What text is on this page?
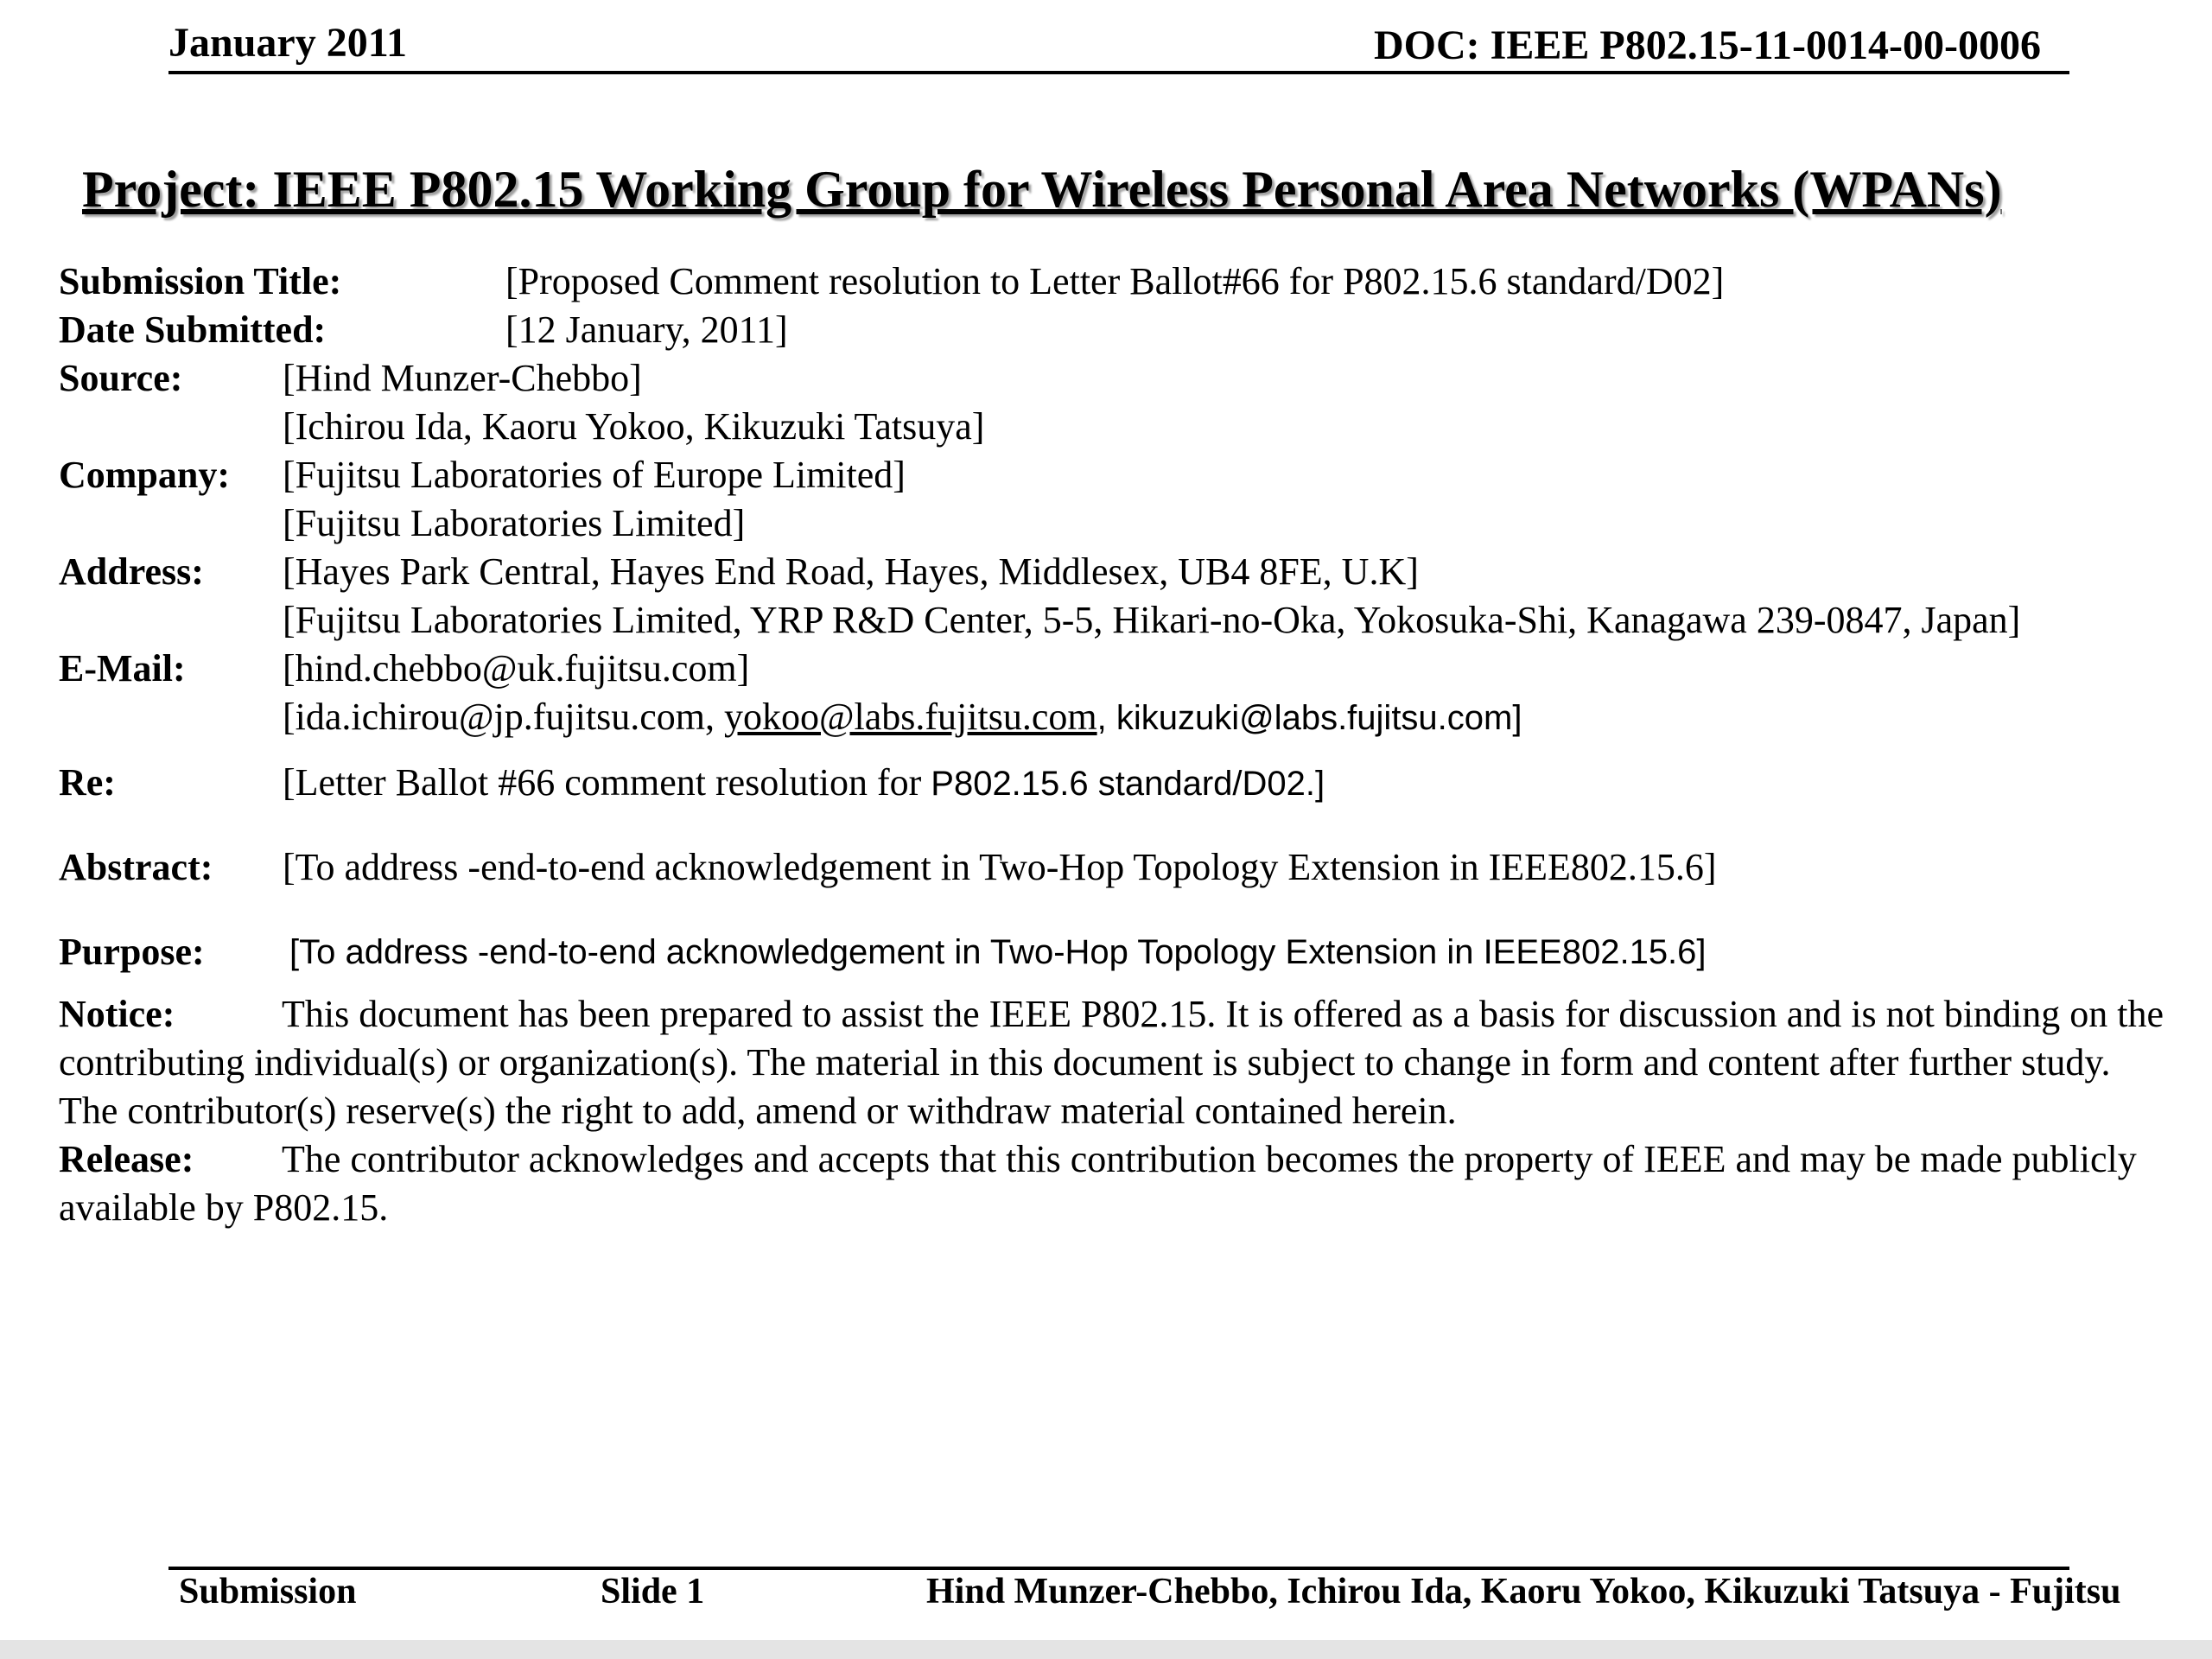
January 2011	DOC: IEEE P802.15-11-0014-00-0006
Project: IEEE P802.15 Working Group for Wireless Personal Area Networks (WPANs)
Submission Title:	[Proposed Comment resolution to Letter Ballot#66 for P802.15.6 standard/D02]
Date Submitted:	[12 January, 2011]
Source:	[Hind Munzer-Chebbo]
[Ichirou Ida, Kaoru Yokoo, Kikuzuki Tatsuya]
Company: [Fujitsu Laboratories of Europe Limited]
[Fujitsu Laboratories Limited]
Address: [Hayes Park Central, Hayes End Road, Hayes, Middlesex, UB4 8FE, U.K]
[Fujitsu Laboratories Limited, YRP R&D Center, 5-5, Hikari-no-Oka, Yokosuka-Shi, Kanagawa 239-0847, Japan]
E-Mail:	[hind.chebbo@uk.fujitsu.com]
[ida.ichirou@jp.fujitsu.com, yokoo@labs.fujitsu.com, kikuzuki@labs.fujitsu.com]
Re:	[Letter Ballot #66 comment resolution for P802.15.6 standard/D02.]
Abstract: [To address -end-to-end acknowledgement in Two-Hop Topology Extension in IEEE802.15.6]
Purpose: [To address -end-to-end acknowledgement in Two-Hop Topology Extension in IEEE802.15.6]
Notice:	This document has been prepared to assist the IEEE P802.15. It is offered as a basis for discussion and is not binding on the contributing individual(s) or organization(s). The material in this document is subject to change in form and content after further study. The contributor(s) reserve(s) the right to add, amend or withdraw material contained herein.
Release: The contributor acknowledges and accepts that this contribution becomes the property of IEEE and may be made publicly available by P802.15.
Submission	Slide 1	Hind Munzer-Chebbo, Ichirou Ida, Kaoru Yokoo, Kikuzuki Tatsuya - Fujitsu
